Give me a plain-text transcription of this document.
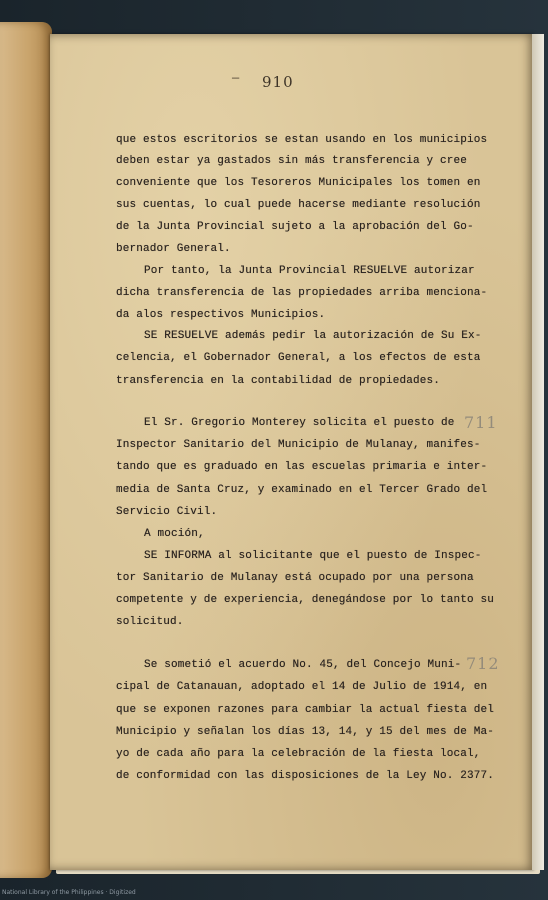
— 910
que estos escritorios se estan usando en los municipios
deben estar ya gastados sin más transferencia y cree
conveniente que los Tesoreros Municipales los tomen en
sus cuentas, lo cual puede hacerse mediante resolución
de la Junta Provincial sujeto a la aprobación del Go-
bernador General.
Por tanto, la Junta Provincial RESUELVE autorizar
dicha transferencia de las propiedades arriba mencionа-
da alos respectivos Municipios.
SE RESUELVE además pedir la autorización de Su Ex-
celencia, el Gobernador General, a los efectos de esta
transferencia en la contabilidad de propiedades.
711
El Sr. Gregorio Monterey solicita el puesto de
Inspector Sanitario del Municipio de Mulanay, manifes-
tando que es graduado en las escuelas primaria e inter-
media de Santa Cruz, y examinado en el Tercer Grado del
Servicio Civil.
A moción,
SE INFORMA al solicitante que el puesto de Inspec-
tor Sanitario de Mulanay está ocupado por una persona
competente y de experiencia, denegándose por lo tanto su
solicitud.
712
Se sometió el acuerdo No. 45, del Concejo Muni-
cipal de Catanauan, adoptado el 14 de Julio de 1914, en
que se exponen razones para cambiar la actual fiesta del
Municipio y señalan los días 13, 14, y 15 del mes de Ma-
yo de cada año para la celebración de la fiesta local,
de conformidad con las disposiciones de la Ley No. 2377.
National Library of the Philippines · Digitized
